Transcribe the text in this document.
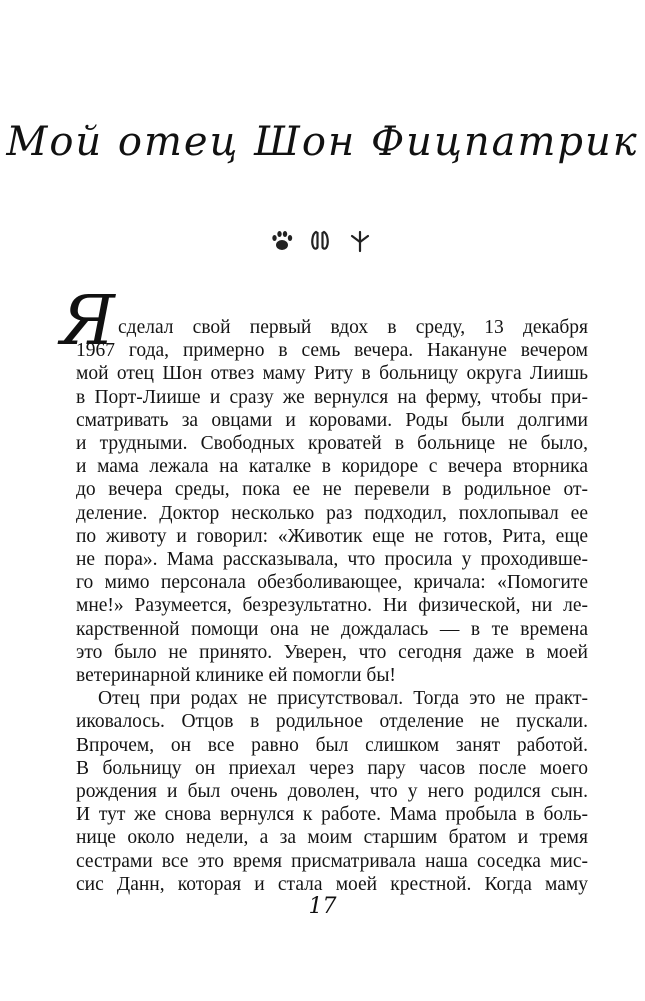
Мой отец Шон Фицпатрик
Я сделал свой первый вдох в среду, 13 декабря
1967 года, примерно в семь вечера. Накануне вечером
мой отец Шон отвез маму Риту в больницу округа Лиишь
в Порт-Лиише и сразу же вернулся на ферму, чтобы при-
сматривать за овцами и коровами. Роды были долгими
и трудными. Свободных кроватей в больнице не было,
и мама лежала на каталке в коридоре с вечера вторника
до вечера среды, пока ее не перевели в родильное от-
деление. Доктор несколько раз подходил, похлопывал ее
по животу и говорил: «Животик еще не готов, Рита, еще
не пора». Мама рассказывала, что просила у проходивше-
го мимо персонала обезболивающее, кричала: «Помогите
мне!» Разумеется, безрезультатно. Ни физической, ни ле-
карственной помощи она не дождалась — в те времена
это было не принято. Уверен, что сегодня даже в моей
ветеринарной клинике ей помогли бы!
Отец при родах не присутствовал. Тогда это не практ-
иковалось. Отцов в родильное отделение не пускали.
Впрочем, он все равно был слишком занят работой.
В больницу он приехал через пару часов после моего
рождения и был очень доволен, что у него родился сын.
И тут же снова вернулся к работе. Мама пробыла в боль-
нице около недели, а за моим старшим братом и тремя
сестрами все это время присматривала наша соседка мис-
сис Данн, которая и стала моей крестной. Когда маму
17
